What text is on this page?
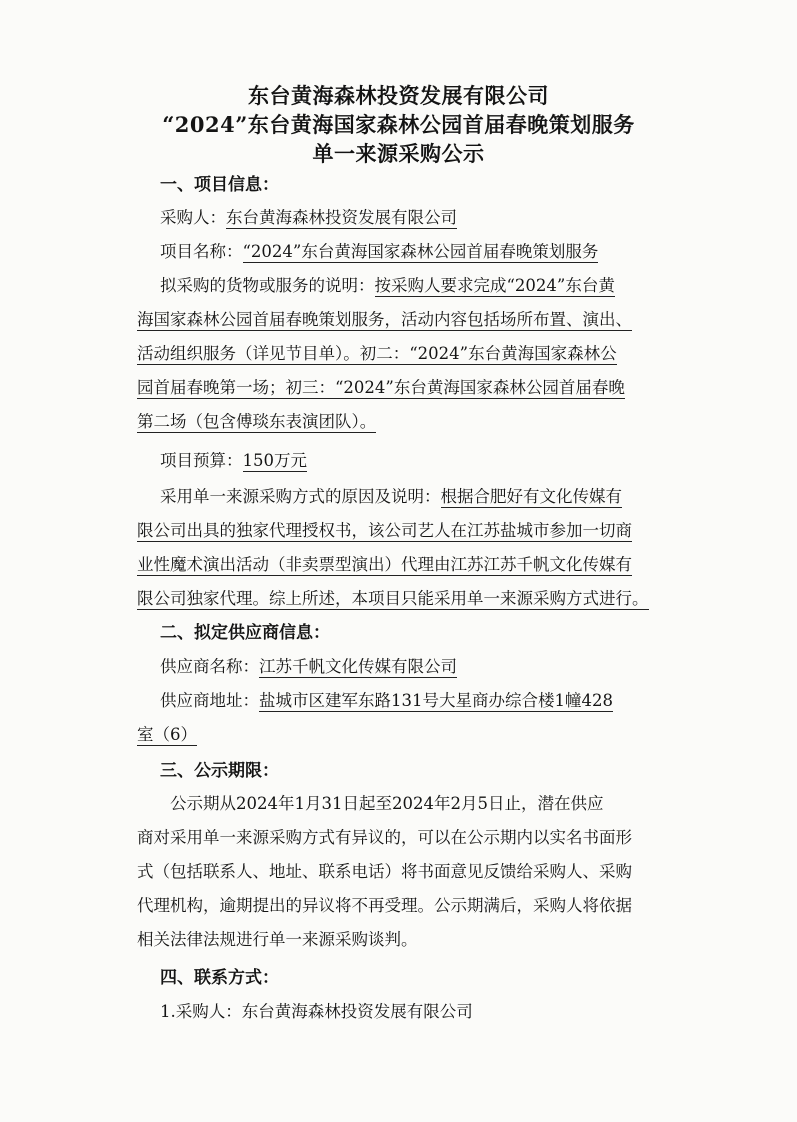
东台黄海森林投资发展有限公司
“2024”东台黄海国家森林公园首届春晚策划服务
单一来源采购公示
一、项目信息：
采购人：东台黄海森林投资发展有限公司
项目名称：“2024”东台黄海国家森林公园首届春晚策划服务
拟采购的货物或服务的说明：按采购人要求完成“2024”东台黄
海国家森林公园首届春晚策划服务，活动内容包括场所布置、演出、
活动组织服务（详见节目单）。初二：“2024”东台黄海国家森林公
园首届春晚第一场；初三：“2024”东台黄海国家森林公园首届春晚
第二场（包含傅琰东表演团队）。
项目预算：150万元
采用单一来源采购方式的原因及说明：根据合肥好有文化传媒有
限公司出具的独家代理授权书，该公司艺人在江苏盐城市参加一切商
业性魔术演出活动（非卖票型演出）代理由江苏江苏千帆文化传媒有
限公司独家代理。综上所述，本项目只能采用单一来源采购方式进行。
二、拟定供应商信息：
供应商名称：江苏千帆文化传媒有限公司
供应商地址：盐城市区建军东路131号大星商办综合楼1幢428
室（6）
三、公示期限：
公示期从2024年1月31日起至2024年2月5日止，潜在供应
商对采用单一来源采购方式有异议的，可以在公示期内以实名书面形
式（包括联系人、地址、联系电话）将书面意见反馈给采购人、采购
代理机构，逾期提出的异议将不再受理。公示期满后，采购人将依据
相关法律法规进行单一来源采购谈判。
四、联系方式：
1.采购人：东台黄海森林投资发展有限公司
